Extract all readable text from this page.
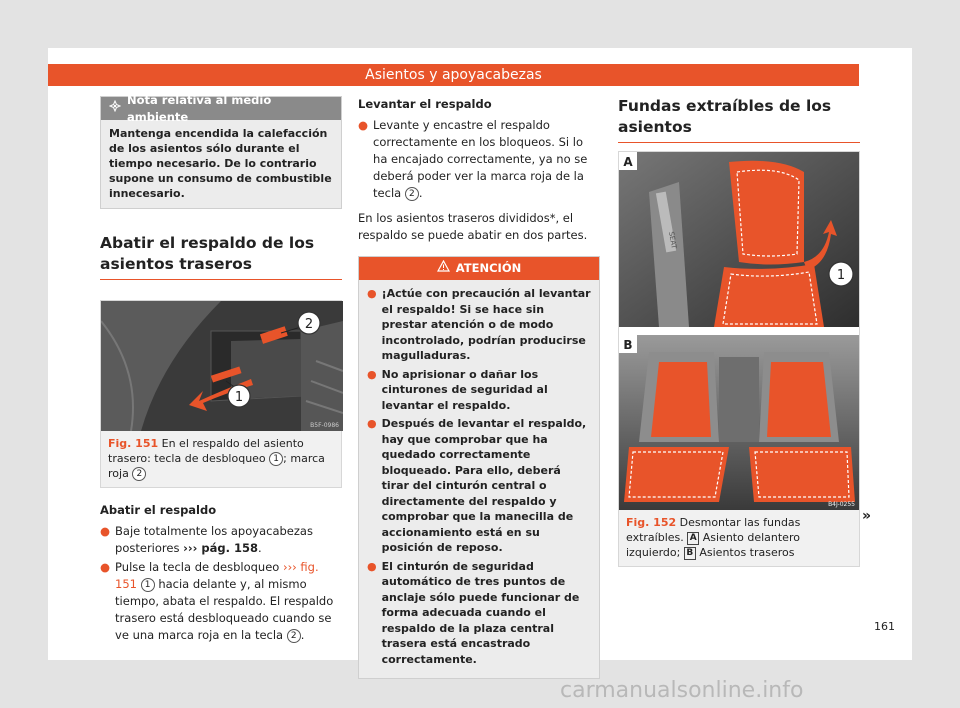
Asientos y apoyacabezas
Nota relativa al medio ambiente
Mantenga encendida la calefacción de los asientos sólo durante el tiempo necesario. De lo contrario supone un consumo de combustible innecesario.
Abatir el respaldo de los asientos traseros
2
1
B5F-0986
Fig. 151 En el respaldo del asiento trasero: tecla de desbloqueo 1 ; marca roja 2
Abatir el respaldo
● Baje totalmente los apoyacabezas posteriores ››› pág. 158.
● Pulse la tecla de desbloqueo ››› fig. 151 1 hacia delante y, al mismo tiempo, abata el respaldo. El respaldo trasero está desbloqueado cuando se ve una marca roja en la tecla 2 .
Levantar el respaldo
● Levante y encastre el respaldo correctamente en los bloqueos. Si lo ha encajado correctamente, ya no se deberá poder ver la marca roja de la tecla 2 .

En los asientos traseros divididos*, el respaldo se puede abatir en dos partes.

ATENCIÓN
● ¡Actúe con precaución al levantar el respaldo! Si se hace sin prestar atención o de modo incontrolado, podrían producirse magulladuras.
● No aprisionar o dañar los cinturones de seguridad al levantar el respaldo.
● Después de levantar el respaldo, hay que comprobar que ha quedado correctamente bloqueado. Para ello, deberá tirar del cinturón central o directamente del respaldo y comprobar que la manecilla de accionamiento está en su posición de reposo.
● El cinturón de seguridad automático de tres puntos de anclaje sólo puede funcionar de forma adecuada cuando el respaldo de la plaza central trasera está encastrado correctamente.
Fundas extraíbles de los asientos
A
SEAT
1
B
B4J-0255
Fig. 152 Desmontar las fundas extraíbles. A Asiento delantero izquierdo; B Asientos traseros
»
161
carmanualsonline.info
